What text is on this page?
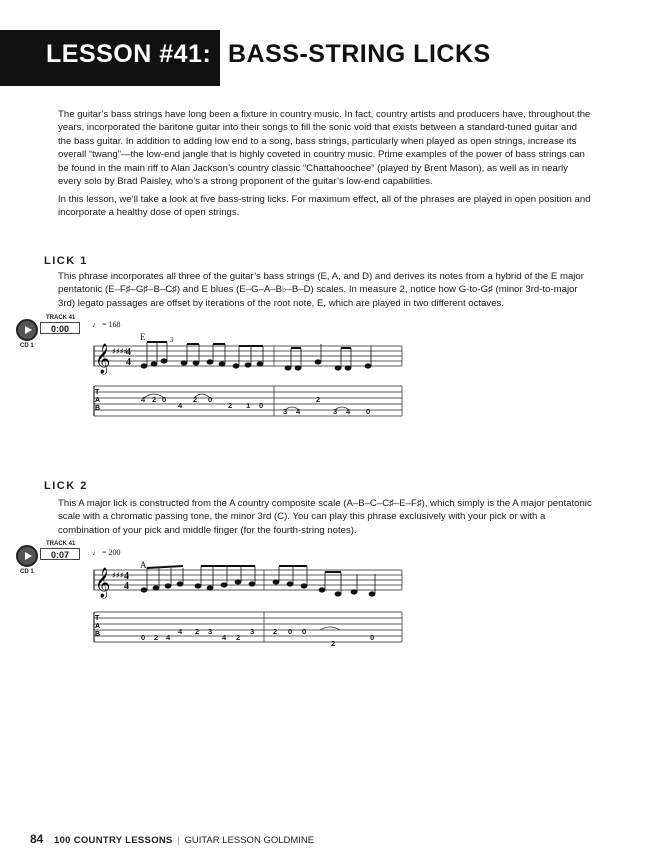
LESSON #41: BASS-STRING LICKS

The guitar’s bass strings have long been a fixture in country music. In fact, country artists and producers have, throughout the years, incorporated the baritone guitar into their songs to fill the sonic void that exists between a standard-tuned guitar and the bass guitar. In addition to adding low end to a song, bass strings, particularly when played as open strings, increase its overall “twang”—the low-end jangle that is highly coveted in country music. Prime examples of the power of bass strings can be found in the main riff to Alan Jackson’s country classic “Chattahoochee” (played by Brent Mason), as well as in nearly every solo by Brad Paisley, who’s a strong proponent of the guitar’s low-end capabilities.

In this lesson, we’ll take a look at five bass-string licks. For maximum effect, all of the phrases are played in open position and incorporate a healthy dose of open strings.

LICK 1

This phrase incorporates all three of the guitar’s bass strings (E, A, and D) and derives its notes from a hybrid of the E major pentatonic (E–F♯–G♯–B–C♯) and E blues (E–G–A–B♭–B–D) scales. In measure 2, notice how G-to-G♯ (minor 3rd-to-major 3rd) legato passages are offset by iterations of the root note, E, which are played in two different octaves.

TRACK 41
0:00
CD 1
♩ = 168
E	3
𝄞 ♯♯♯♯
4
4
T
A
B
4 2 0
4
2 0
2 1 0
3 4
2
3 4 0
LICK 2

This A major lick is constructed from the A country composite scale (A–B–C–C♯–E–F♯), which simply is the A major pentatonic scale with a chromatic passing tone, the minor 3rd (C). You can play this phrase exclusively with your pick or with a combination of your pick and middle finger (for the fourth-string notes).

TRACK 41
0:07
CD 1
♩ = 200
A
𝄞 ♯♯♯ 4
4
T
A
B	0 2 4
4 2 3
4 2
3	2 0 0
2
0
84 100 COUNTRY LESSONS | GUITAR LESSON GOLDMINE
